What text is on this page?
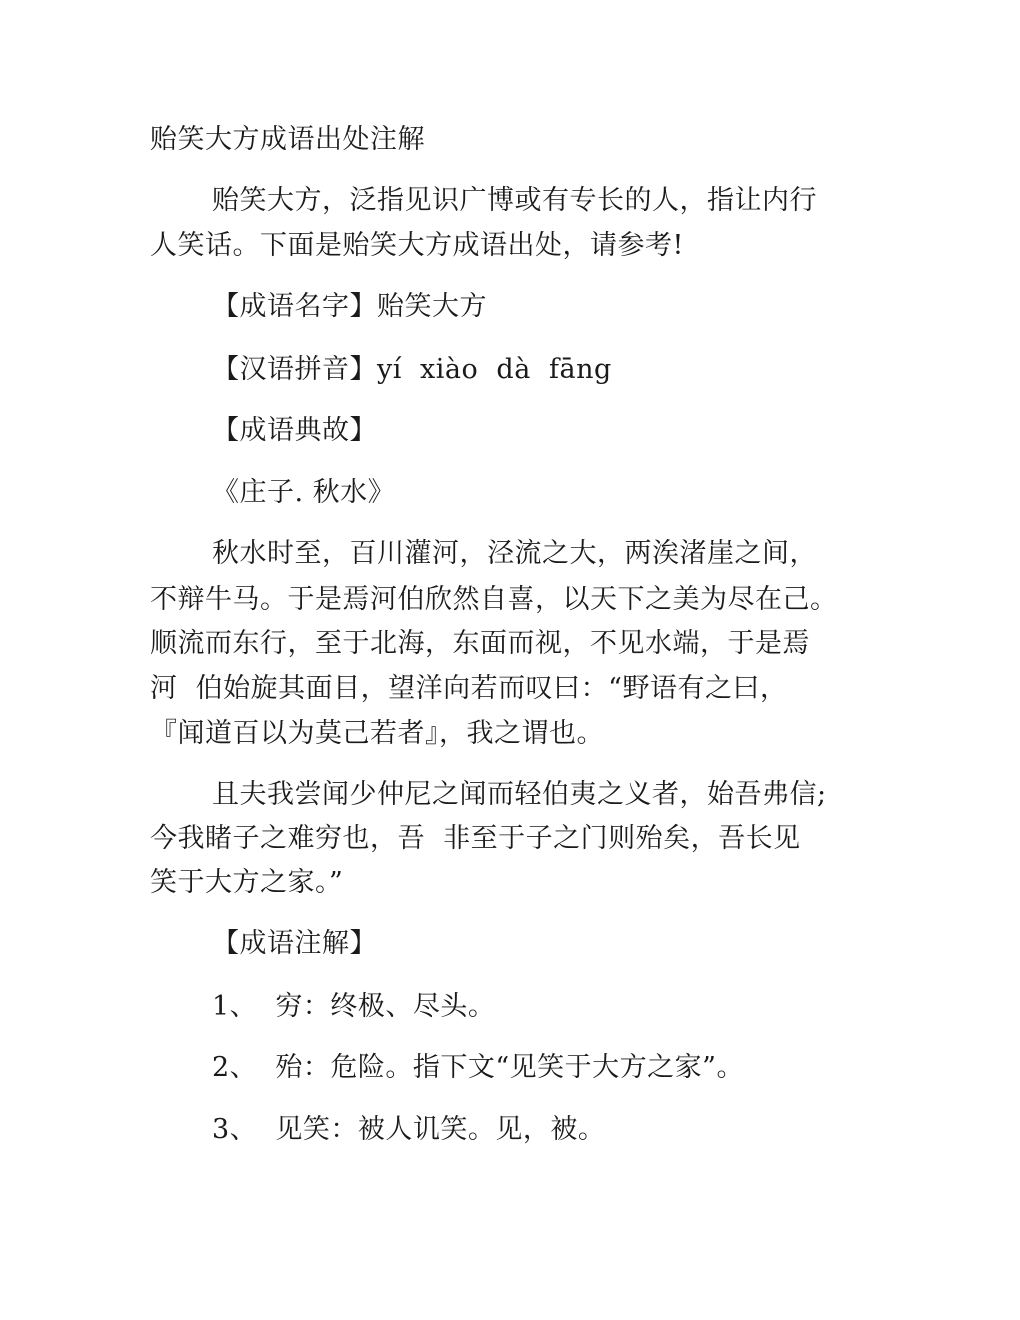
贻笑大方成语出处注解
贻笑大方，泛指见识广博或有专长的人，指让内行
人笑话。下面是贻笑大方成语出处，请参考!
【成语名字】贻笑大方
【汉语拼音】yí  xiào  dà  fāng
【成语典故】
《庄子. 秋水》
秋水时至，百川灌河，泾流之大，两涘渚崖之间，
不辩牛马。于是焉河伯欣然自喜，以天下之美为尽在己。
顺流而东行，至于北海，东面而视，不见水端，于是焉
河  伯始旋其面目，望洋向若而叹曰：“野语有之曰，
『闻道百以为莫己若者』，我之谓也。
且夫我尝闻少仲尼之闻而轻伯夷之义者，始吾弗信;
今我睹子之难穷也，吾  非至于子之门则殆矣，吾长见
笑于大方之家。”
【成语注解】
1、  穷：终极、尽头。
2、  殆：危险。指下文“见笑于大方之家”。
3、  见笑：被人讥笑。见，被。
